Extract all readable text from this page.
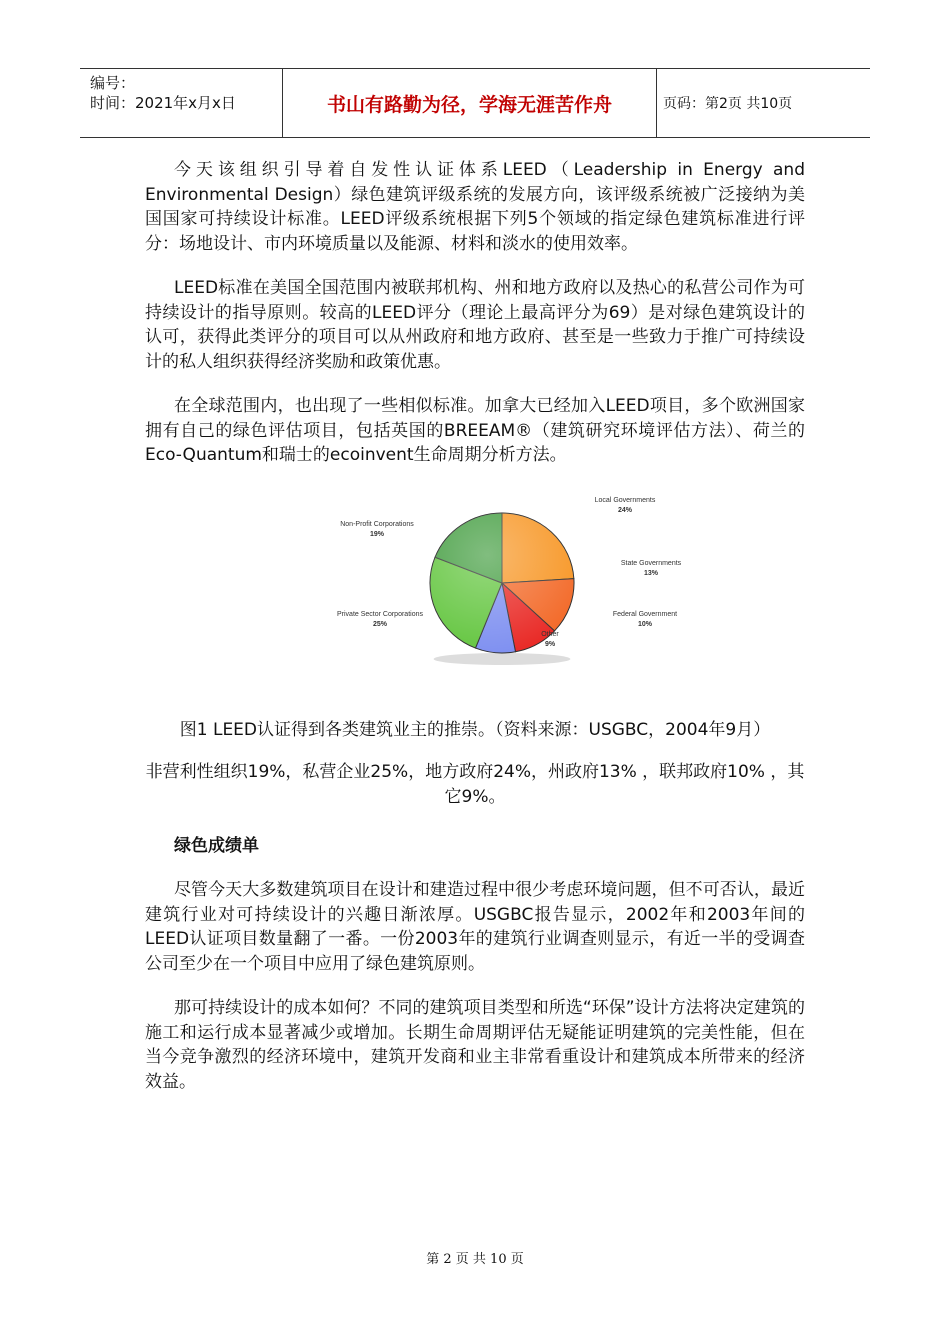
编号：
时间：2021年x月x日	书山有路勤为径，学海无涯苦作舟	页码：第2页 共10页

今天该组织引导着自发性认证体系LEED（Leadership in Energy and Environmental Design）绿色建筑评级系统的发展方向，该评级系统被广泛接纳为美国国家可持续设计标准。LEED评级系统根据下列5个领域的指定绿色建筑标准进行评分：场地设计、市内环境质量以及能源、材料和淡水的使用效率。

LEED标准在美国全国范围内被联邦机构、州和地方政府以及热心的私营公司作为可持续设计的指导原则。较高的LEED评分（理论上最高评分为69）是对绿色建筑设计的认可，获得此类评分的项目可以从州政府和地方政府、甚至是一些致力于推广可持续设计的私人组织获得经济奖励和政策优惠。

在全球范围内，也出现了一些相似标准。加拿大已经加入LEED项目，多个欧洲国家拥有自己的绿色评估项目，包括英国的BREEAM®（建筑研究环境评估方法）、荷兰的Eco-Quantum和瑞士的ecoinvent生命周期分析方法。

Local Governments
24%
State Governments
13%
Federal Government
10%
Other
9%
Private Sector Corporations
25%
Non-Profit Corporations
19%
图1 LEED认证得到各类建筑业主的推崇。（资料来源：USGBC，2004年9月）
非营利性组织19%，私营企业25%，地方政府24%，州政府13% ，联邦政府10% ，其它9%。
绿色成绩单

尽管今天大多数建筑项目在设计和建造过程中很少考虑环境问题，但不可否认，最近建筑行业对可持续设计的兴趣日渐浓厚。USGBC报告显示，2002年和2003年间的LEED认证项目数量翻了一番。一份2003年的建筑行业调查则显示，有近一半的受调查公司至少在一个项目中应用了绿色建筑原则。

那可持续设计的成本如何？不同的建筑项目类型和所选“环保”设计方法将决定建筑的施工和运行成本显著减少或增加。长期生命周期评估无疑能证明建筑的完美性能，但在当今竞争激烈的经济环境中，建筑开发商和业主非常看重设计和建筑成本所带来的经济效益。

第 2 页 共 10 页
